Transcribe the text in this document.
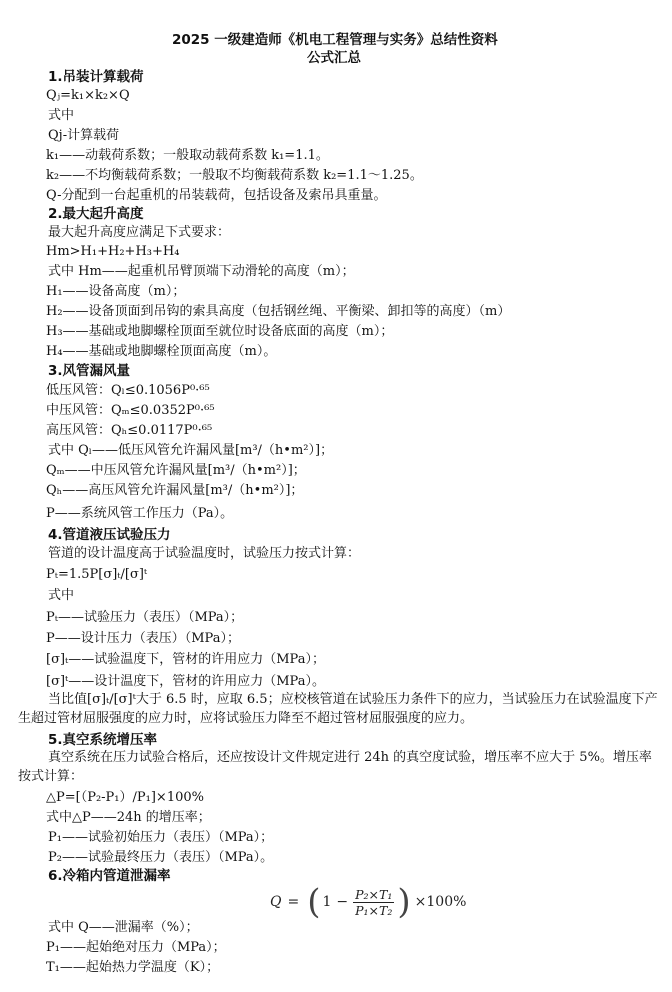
2025 一级建造师《机电工程管理与实务》总结性资料
公式汇总
1.吊装计算载荷
Qⱼ=k₁×k₂×Q
式中
Qj-计算载荷
k₁——动载荷系数；一般取动载荷系数 k₁=1.1。
k₂——不均衡载荷系数；一般取不均衡载荷系数 k₂=1.1～1.25。
Q-分配到一台起重机的吊装载荷，包括设备及索吊具重量。
2.最大起升高度
最大起升高度应满足下式要求：
Hm>H₁+H₂+H₃+H₄
式中 Hm——起重机吊臂顶端下动滑轮的高度（m）；
H₁——设备高度（m）；
H₂——设备顶面到吊钩的索具高度（包括钢丝绳、平衡梁、卸扣等的高度）（m）
H₃——基础或地脚螺栓顶面至就位时设备底面的高度（m）；
H₄——基础或地脚螺栓顶面高度（m）。
3.风管漏风量
低压风管：Qₗ≤0.1056P⁰·⁶⁵
中压风管：Qₘ≤0.0352P⁰·⁶⁵
高压风管：Qₕ≤0.0117P⁰·⁶⁵
式中 Qₗ——低压风管允许漏风量[m³/（h•m²）]；
Qₘ——中压风管允许漏风量[m³/（h•m²）]；
Qₕ——高压风管允许漏风量[m³/（h•m²）]；
P——系统风管工作压力（Pa）。
4.管道液压试验压力
管道的设计温度高于试验温度时，试验压力按式计算：
Pₜ=1.5P[σ]ₜ/[σ]ᵗ
式中
Pₜ——试验压力（表压）（MPa）；
P——设计压力（表压）（MPa）；
[σ]ₜ——试验温度下，管材的许用应力（MPa）；
[σ]ᵗ——设计温度下，管材的许用应力（MPa）。
当比值[σ]ₜ/[σ]ᵗ大于 6.5 时，应取 6.5；应校核管道在试验压力条件下的应力，当试验压力在试验温度下产生超过管材屈服强度的应力时，应将试验压力降至不超过管材屈服强度的应力。
5.真空系统增压率
真空系统在压力试验合格后，还应按设计文件规定进行 24h 的真空度试验，增压率不应大于 5%。增压率按式计算：
△P=[（P₂-P₁）/P₁]×100%
式中△P——24h 的增压率；
P₁——试验初始压力（表压）（MPa）；
P₂——试验最终压力（表压）（MPa）。
6.冷箱内管道泄漏率
Q = ( $1 - \frac{\text{P₂×T₁}}{\text{P₁×T₂}}$ ) ×100%
式中 Q——泄漏率（%）；
P₁——起始绝对压力（MPa）；
T₁——起始热力学温度（K）；
